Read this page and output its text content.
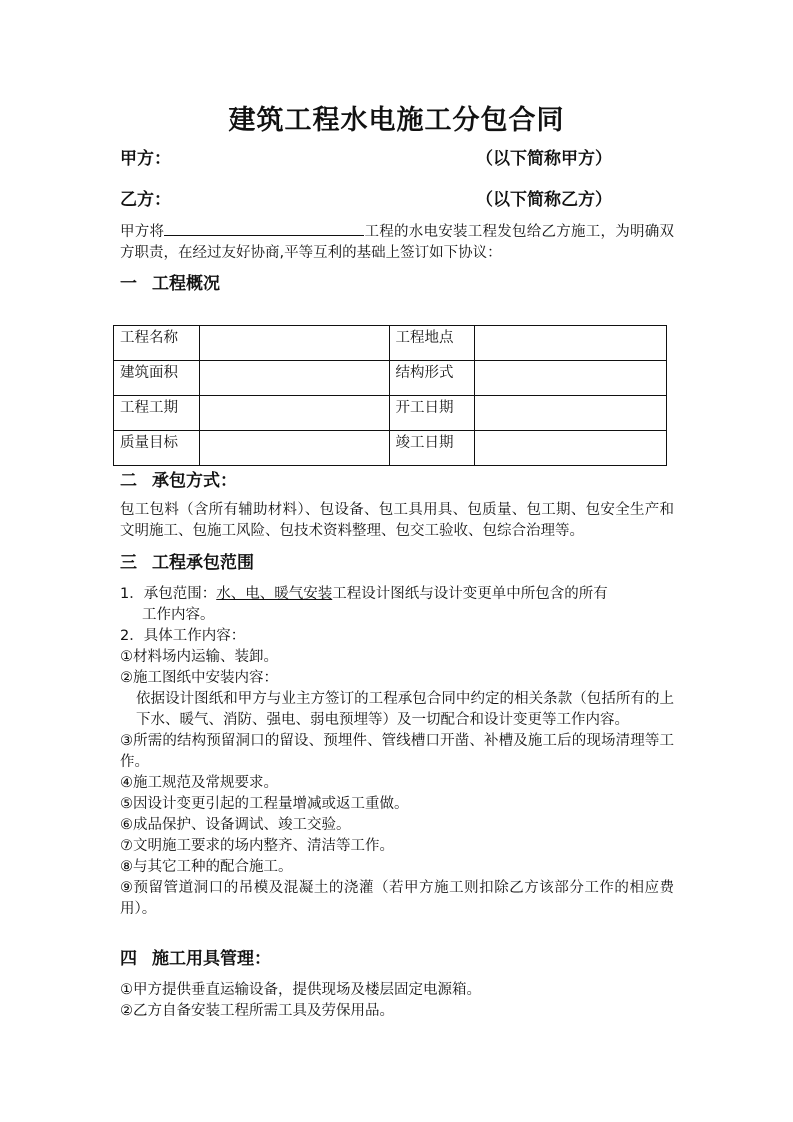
建筑工程水电施工分包合同
甲方：	（以下简称甲方）
乙方：	（以下简称乙方）

甲方将	工程的水电安装工程发包给乙方施工，为明确双方职责，在经过友好协商,平等互利的基础上签订如下协议：

一 工程概况
工程名称		工程地点	
建筑面积		结构形式	
工程工期		开工日期	
质量目标		竣工日期	
二 承包方式：

包工包料（含所有辅助材料）、包设备、包工具用具、包质量、包工期、包安全生产和文明施工、包施工风险、包技术资料整理、包交工验收、包综合治理等。

三 工程承包范围
1．承包范围：水、电、暖气安装工程设计图纸与设计变更单中所包含的所有
工作内容。
2．具体工作内容：
①材料场内运输、装卸。
②施工图纸中安装内容：
依据设计图纸和甲方与业主方签订的工程承包合同中约定的相关条款（包括所有的上下水、暖气、消防、强电、弱电预埋等）及一切配合和设计变更等工作内容。
③所需的结构预留洞口的留设、预埋件、管线槽口开凿、补槽及施工后的现场清理等工作。
④施工规范及常规要求。
⑤因设计变更引起的工程量增减或返工重做。
⑥成品保护、设备调试、竣工交验。
⑦文明施工要求的场内整齐、清洁等工作。
⑧与其它工种的配合施工。
⑨预留管道洞口的吊模及混凝土的浇灌（若甲方施工则扣除乙方该部分工作的相应费用）。
四 施工用具管理：
①甲方提供垂直运输设备，提供现场及楼层固定电源箱。
②乙方自备安装工程所需工具及劳保用品。
